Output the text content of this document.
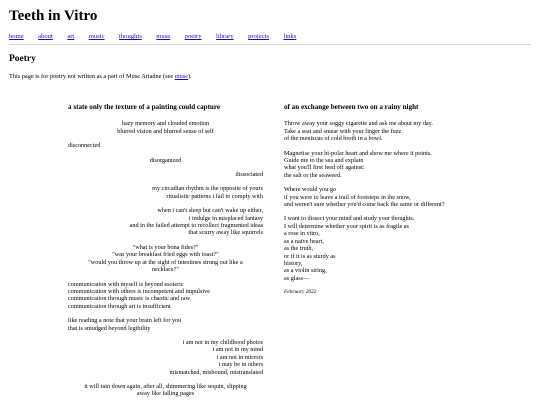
Teeth in Vitro
home about art music thoughts muse poetry library projects links
Poetry

This page is for poetry not written as a part of Muse Ariadne (see muse).

a state only the texture of a painting could capture

hazy memory and clouded emotion
blurred vision and blurred sense of self

disconnected

disorganized

dissociated

my circadian rhythm is the opposite of yours
ritualistic patterns i fail to comply with

when i can't sleep but can't wake up either,
i indulge in misplaced fantasy
and in the failed attempt to recollect fragmented ideas
that scurry away like squirrels

"what is your bona fides?"
"was your breakfast fried eggs with toast?"
"would you throw up at the sight of intestines strung out like a
necklace?"

communication with myself is beyond esoteric
communication with others is incompetent and impulsive
communication through music is chaotic and raw
communication through art is insufficient

like reading a note that your brain left for you
that is smudged beyond legibility

i am not in my childhood photos
i am not in my mind
i am not in mirrors
i may be in others
mismatched, misbound, mistranslated

it will rain down again, after all, shimmering like sequin, slipping
away like falling pages

of an exchange between two on a rainy night

Throw away your soggy cigarette and ask me about my day.
Take a seat and smear with your finger the fuzz
of the meniscus of cold broth in a bowl.

Magnetise your bi-polar heart and show me where it points.
Guide me to the sea and explain
what you'll first feed off against:
the salt or the seaweed.

Where would you go
if you were to leave a trail of footsteps in the snow,
and weren't sure whether you'd come back the same or different?

I want to dissect your mind and study your thoughts.
I will determine whether your spirit is as fragile as
a rose in vitro,
as a naïve heart,
as the truth,
or if it is as sturdy as
history,
as a violin string,
as glass—

February 2022
